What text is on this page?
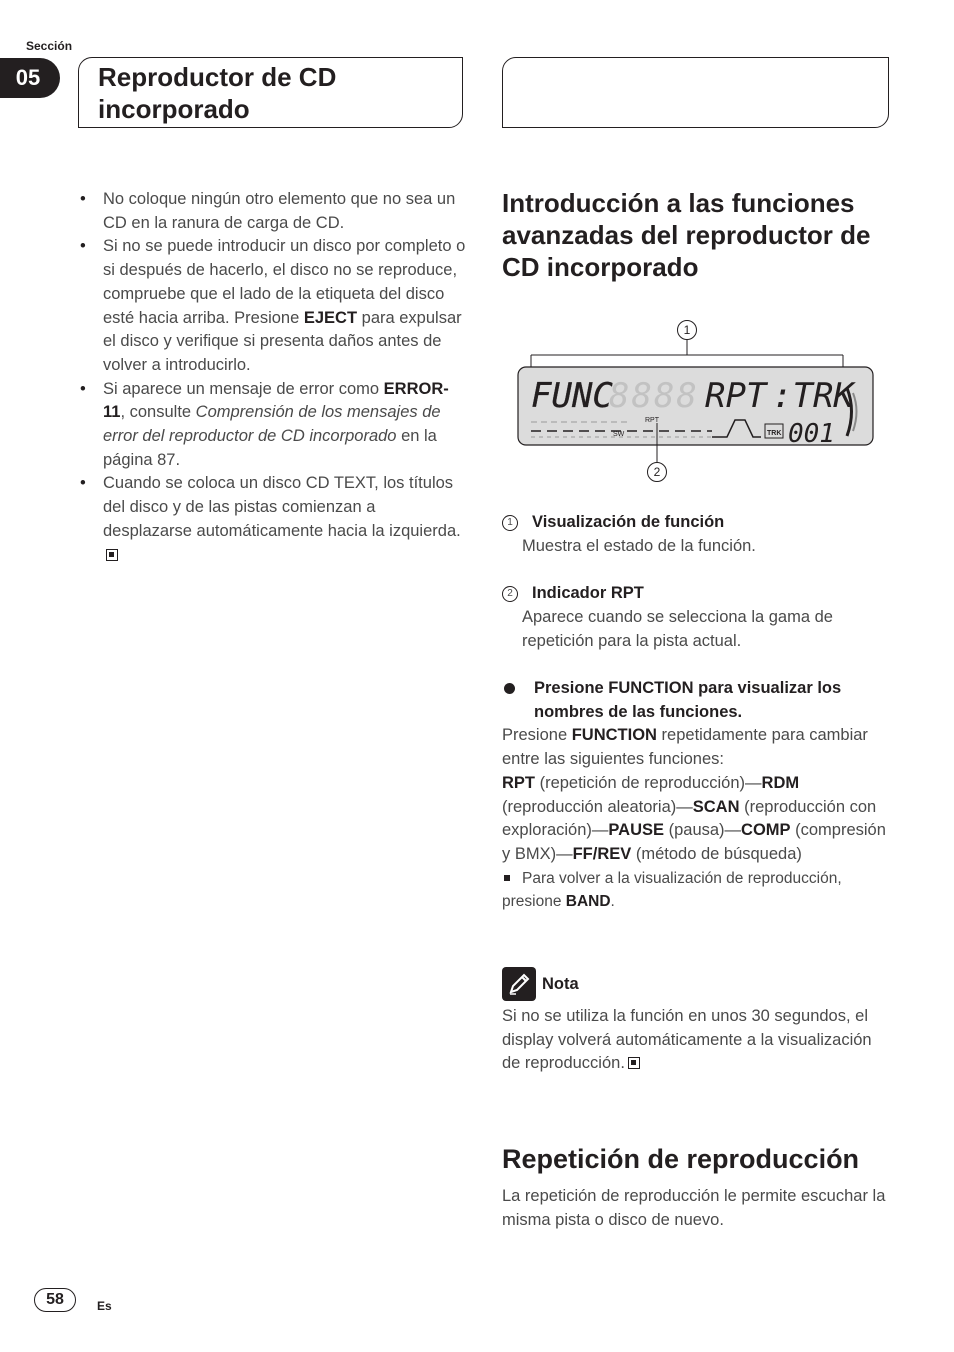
Sección
05	Reproductor de CD
incorporado
• No coloque ningún otro elemento que no sea un CD en la ranura de carga de CD.
• Si no se puede introducir un disco por completo o si después de hacerlo, el disco no se reproduce, compruebe que el lado de la etiqueta del disco esté hacia arriba. Presione EJECT para expulsar el disco y verifique si presenta daños antes de volver a introducirlo.
• Si aparece un mensaje de error como ERROR-11, consulte Comprensión de los mensajes de error del reproductor de CD incorporado en la página 87.
• Cuando se coloca un disco CD TEXT, los títulos del disco y de las pistas comienzan a desplazarse automáticamente hacia la izquierda.
Introducción a las funciones avanzadas del reproductor de CD incorporado
1
8888
FUNC	RPT :TRK
RPT
SW	TRK 001
2
1	Visualización de función
Muestra el estado de la función.
2	Indicador RPT
Aparece cuando se selecciona la gama de repetición para la pista actual.
Presione FUNCTION para visualizar los nombres de las funciones.
Presione FUNCTION repetidamente para cambiar entre las siguientes funciones:
RPT (repetición de reproducción)—RDM (reproducción aleatoria)—SCAN (reproducción con exploración)—PAUSE (pausa)—COMP (compresión y BMX)—FF/REV (método de búsqueda)
Para volver a la visualización de reproducción, presione BAND.
Nota
Si no se utiliza la función en unos 30 segundos, el display volverá automáticamente a la visualización de reproducción.
Repetición de reproducción
La repetición de reproducción le permite escuchar la misma pista o disco de nuevo.
58	Es
